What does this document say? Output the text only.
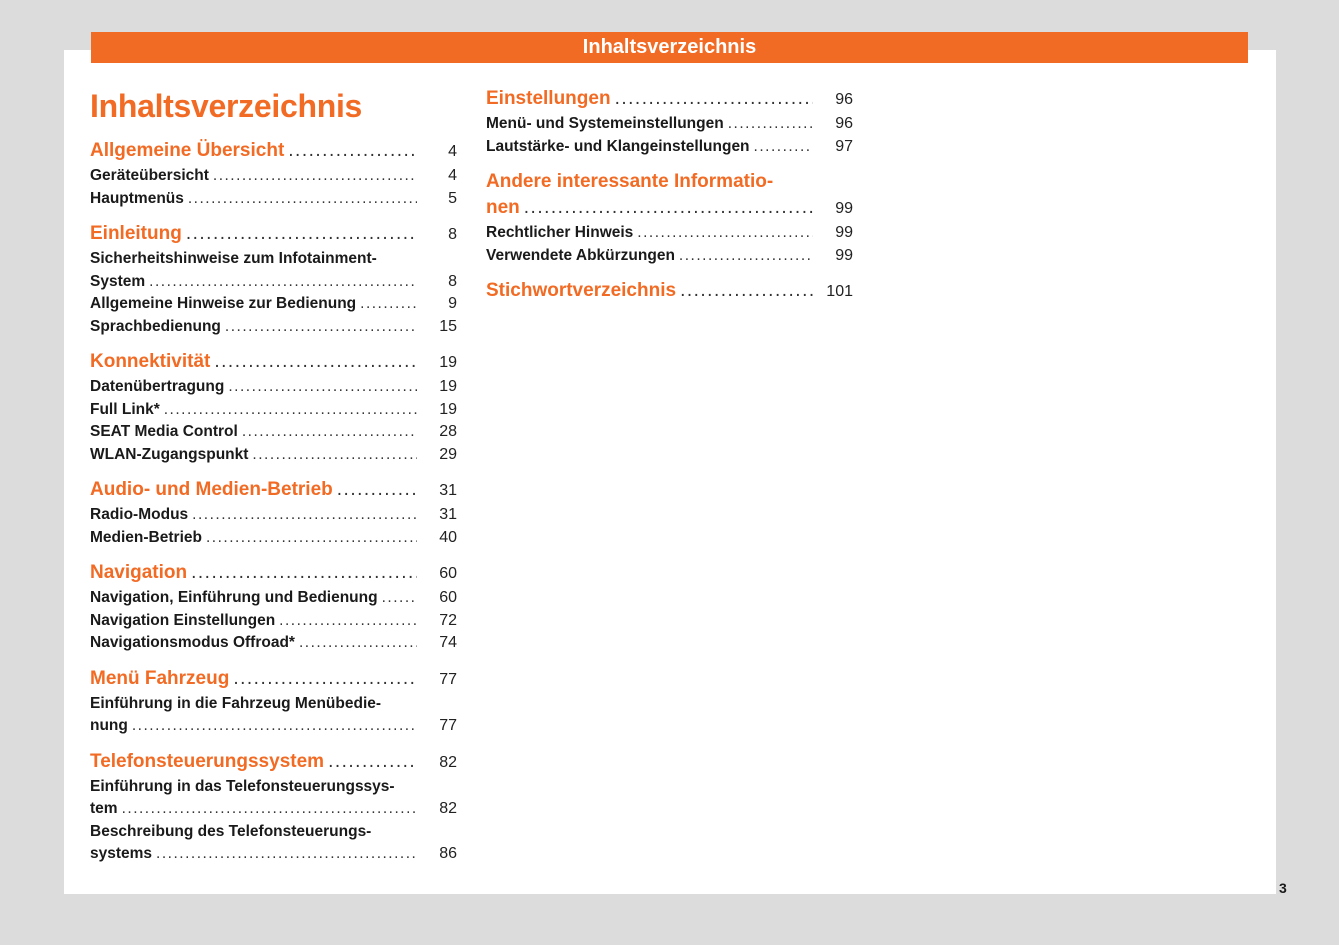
Inhaltsverzeichnis
Inhaltsverzeichnis
Allgemeine Übersicht .....	4
Geräteübersicht .....	4
Hauptmenüs .....	5
Einleitung .....	8
Sicherheitshinweise zum Infotainment-
System .....	8
Allgemeine Hinweise zur Bedienung .....	9
Sprachbedienung .....	15
Konnektivität .....	19
Datenübertragung .....	19
Full Link* .....	19
SEAT Media Control .....	28
WLAN-Zugangspunkt .....	29
Audio- und Medien-Betrieb .....	31
Radio-Modus .....	31
Medien-Betrieb .....	40
Navigation .....	60
Navigation, Einführung und Bedienung .....	60
Navigation Einstellungen .....	72
Navigationsmodus Offroad* .....	74
Menü Fahrzeug .....	77
Einführung in die Fahrzeug Menübedie-
nung .....	77
Telefonsteuerungssystem .....	82
Einführung in das Telefonsteuerungssys-
tem .....	82
Beschreibung des Telefonsteuerungs-
systems .....	86
Einstellungen .....	96
Menü- und Systemeinstellungen .....	96
Lautstärke- und Klangeinstellungen .....	97
Andere interessante Informatio-
nen .....	99
Rechtlicher Hinweis .....	99
Verwendete Abkürzungen .....	99
Stichwortverzeichnis .....	101
3
